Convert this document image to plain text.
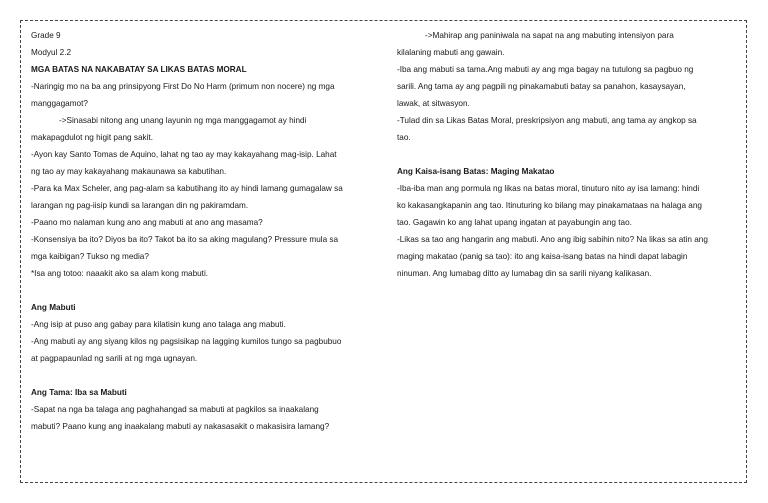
Grade 9
Modyul 2.2
MGA BATAS NA NAKABATAY SA LIKAS BATAS MORAL
-Naringig mo na ba ang prinsipyong First Do No Harm (primum non nocere) ng mga
manggagamot?
->Sinasabi nitong ang unang layunin ng mga manggagamot ay hindi
makapagdulot ng higit pang sakit.
-Ayon kay Santo Tomas de Aquino, lahat ng tao ay may kakayahang mag-isip. Lahat
ng tao ay may kakayahang makaunawa sa kabutihan.
-Para ka Max Scheler, ang pag-alam sa kabutihang ito ay hindi lamang gumagalaw sa
larangan ng pag-iisip kundi sa larangan din ng pakiramdam.
-Paano mo nalaman kung ano ang mabuti at ano ang masama?
-Konsensiya ba ito? Diyos ba ito? Takot ba ito sa aking magulang? Pressure mula sa
mga kaibigan? Tukso ng media?
*Isa ang totoo: naaakit ako sa alam kong mabuti.
Ang Mabuti
-Ang isip at puso ang gabay para kilatisin kung ano talaga ang mabuti.
-Ang mabuti ay ang siyang kilos ng pagsisikap na lagging kumilos tungo sa pagbubuo
at pagpapaunlad ng sarili at ng mga ugnayan.
Ang Tama: Iba sa Mabuti
-Sapat na nga ba talaga ang paghahangad sa mabuti at pagkilos sa inaakalang
mabuti? Paano kung ang inaakalang mabuti ay nakasasakit o makasisira lamang?
->Mahirap ang paniniwala na sapat na ang mabuting intensiyon para
kilalaning mabuti ang gawain.
-Iba ang mabuti sa tama.Ang mabuti ay ang mga bagay na tutulong sa pagbuo ng
sarili. Ang tama ay ang pagpili ng pinakamabuti batay sa panahon, kasaysayan,
lawak, at sitwasyon.
-Tulad din sa Likas Batas Moral, preskripsiyon ang mabuti, ang tama ay angkop sa
tao.
Ang Kaisa-isang Batas: Maging Makatao
-Iba-iba man ang pormula ng likas na batas moral, tinuturo nito ay isa lamang: hindi
ko kakasangkapanin ang tao. Itinuturing ko bilang may pinakamataas na halaga ang
tao. Gagawin ko ang lahat upang ingatan at payabungin ang tao.
-Likas sa tao ang hangarin ang mabuti. Ano ang ibig sabihin nito? Na likas sa atin ang
maging makatao (panig sa tao): ito ang kaisa-isang batas na hindi dapat labagin
ninuman. Ang lumabag ditto ay lumabag din sa sarili niyang kalikasan.
